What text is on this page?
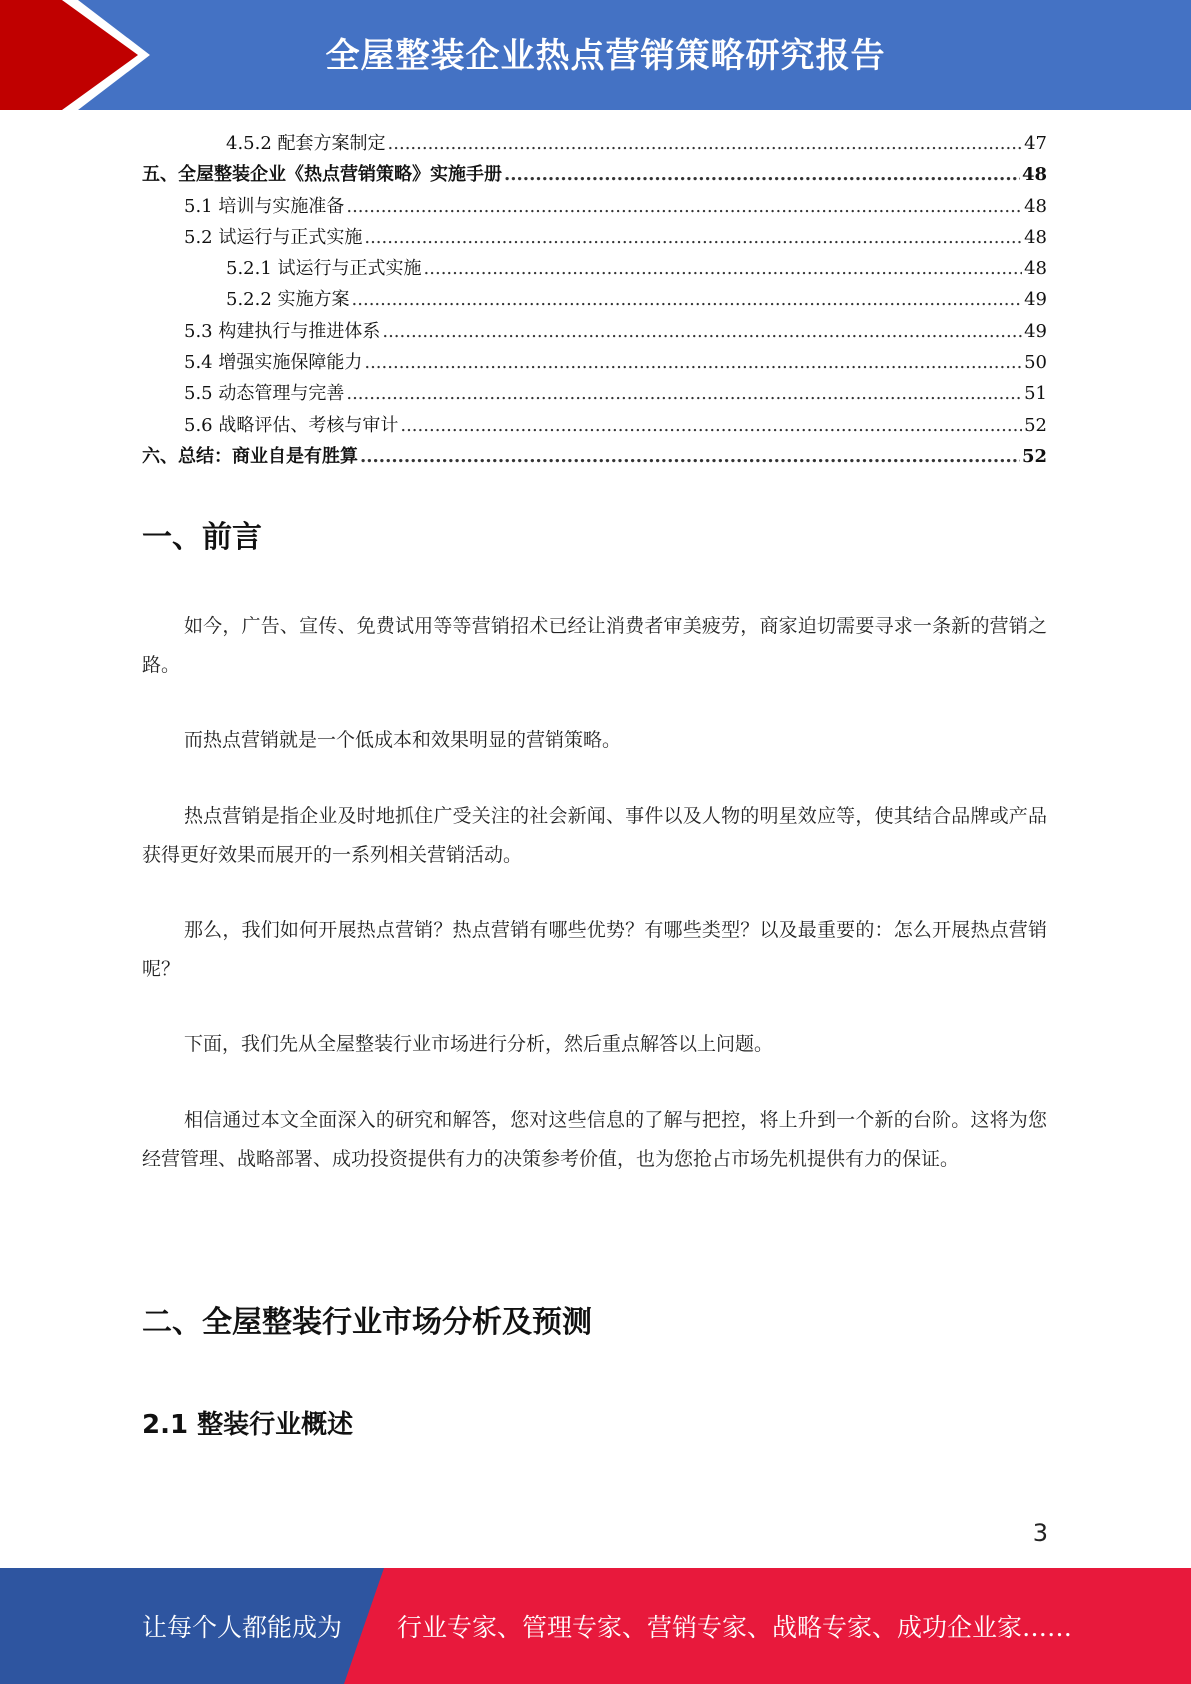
全屋整装企业热点营销策略研究报告
4.5.2 配套方案制定 .....	47
五、全屋整装企业《热点营销策略》实施手册 .....	48
5.1 培训与实施准备 .....	48
5.2 试运行与正式实施 .....	48
5.2.1 试运行与正式实施 .....	48
5.2.2 实施方案 .....	49
5.3 构建执行与推进体系 .....	49
5.4 增强实施保障能力 .....	50
5.5 动态管理与完善 .....	51
5.6 战略评估、考核与审计 .....	52
六、总结：商业自是有胜算 .....	52
一、前言
如今，广告、宣传、免费试用等等营销招术已经让消费者审美疲劳，商家迫切需要寻求一条新的营销之路。
而热点营销就是一个低成本和效果明显的营销策略。
热点营销是指企业及时地抓住广受关注的社会新闻、事件以及人物的明星效应等，使其结合品牌或产品获得更好效果而展开的一系列相关营销活动。
那么，我们如何开展热点营销？热点营销有哪些优势？有哪些类型？以及最重要的：怎么开展热点营销呢？
下面，我们先从全屋整装行业市场进行分析，然后重点解答以上问题。
相信通过本文全面深入的研究和解答，您对这些信息的了解与把控，将上升到一个新的台阶。这将为您经营管理、战略部署、成功投资提供有力的决策参考价值，也为您抢占市场先机提供有力的保证。
二、全屋整装行业市场分析及预测
2.1 整装行业概述
3
让每个人都能成为 行业专家、管理专家、营销专家、战略专家、成功企业家……
